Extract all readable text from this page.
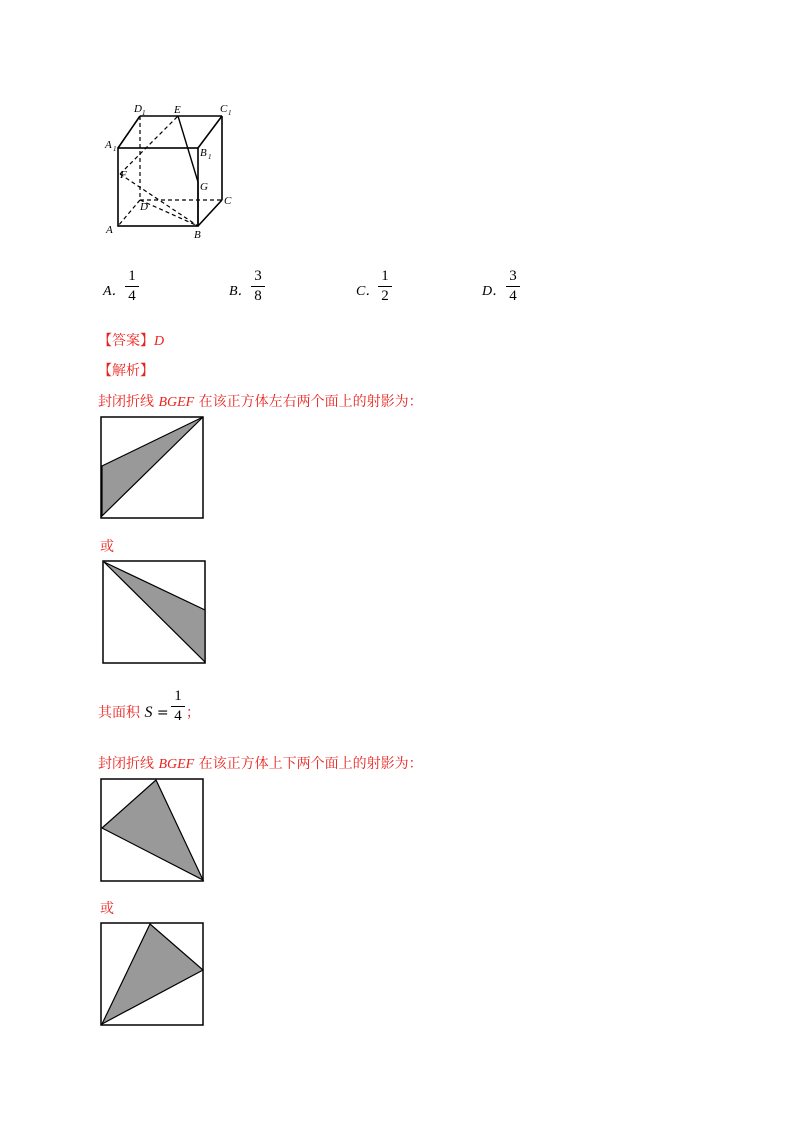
D 1	E	C 1
A 1	B 1
F
G
D	C
A	B
A．
1
4	B．
3
8	C．
1
2	D．
3
4
【答案】D
【解析】
封闭折线 BGEF 在该正方体左右两个面上的射影为：
或
其面积 S =
1
4 ；
封闭折线 BGEF 在该正方体上下两个面上的射影为：
或
